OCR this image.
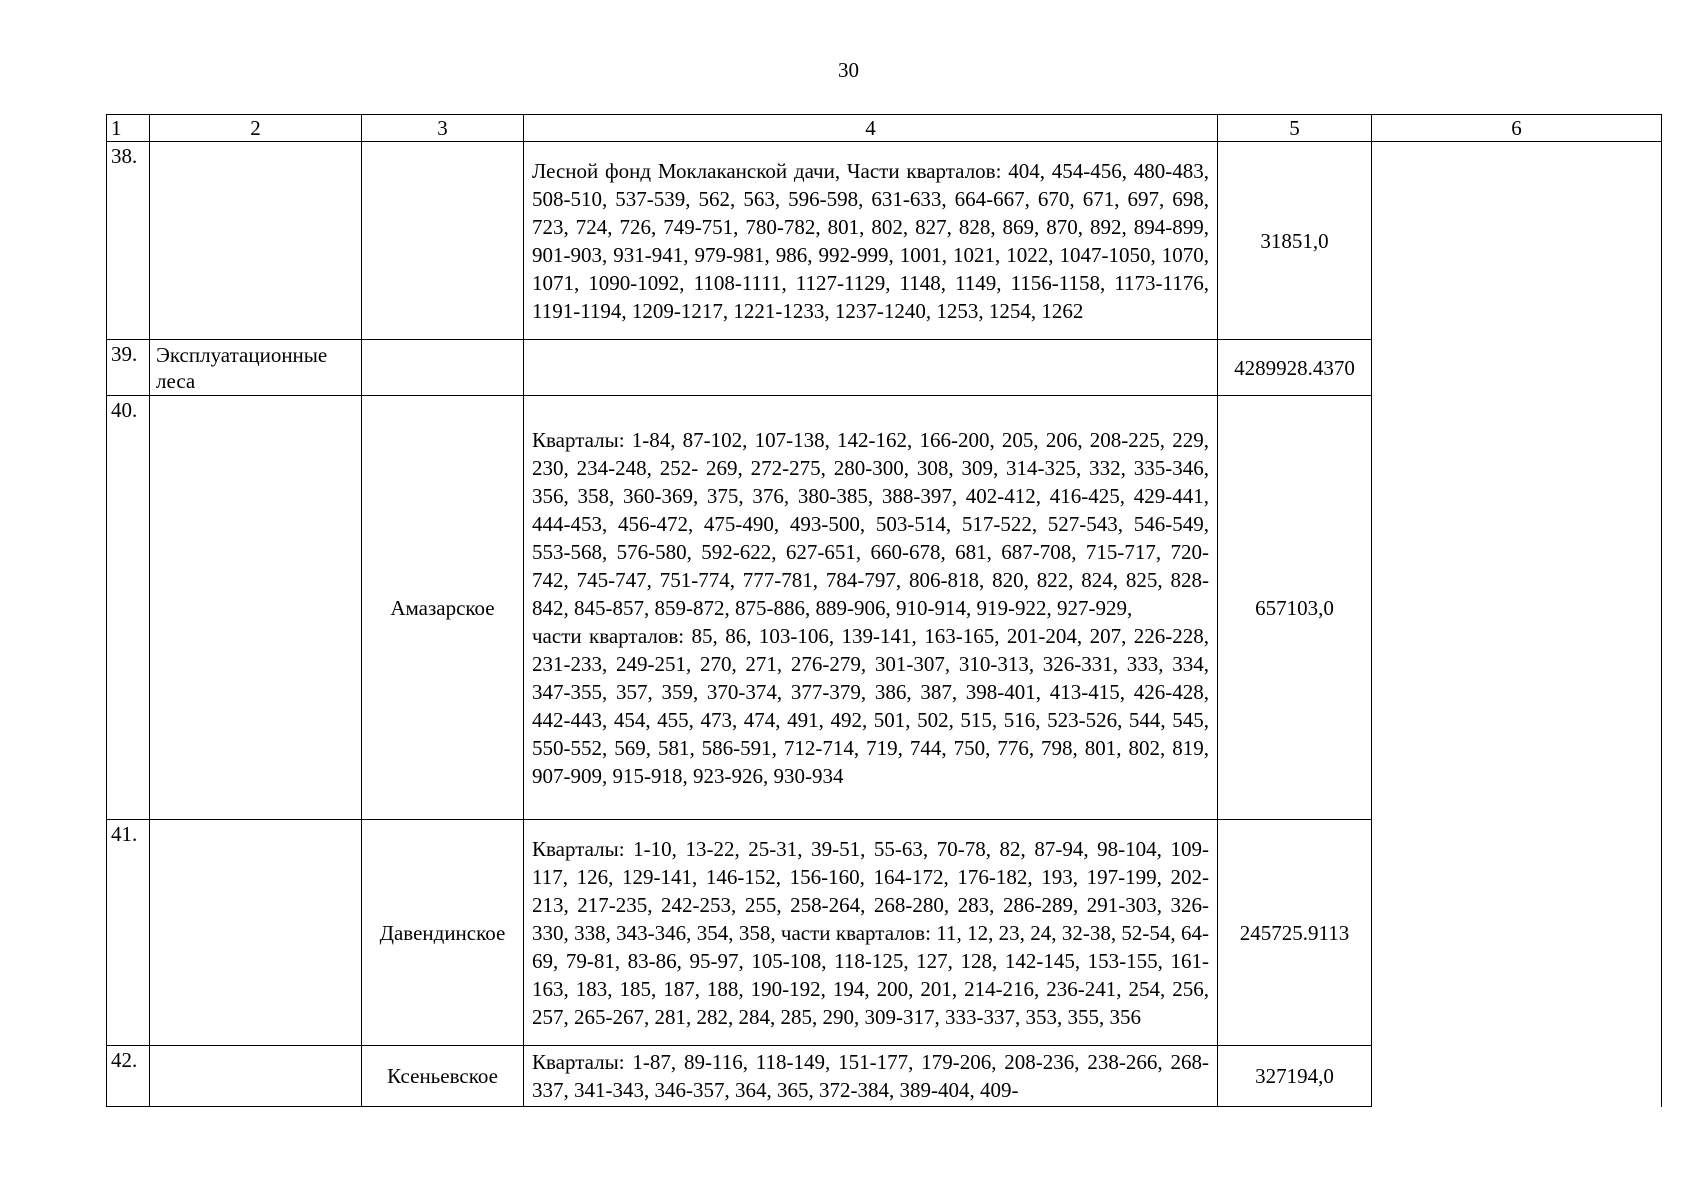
30
1	2	3	4	5	6
38.			Лесной фонд Моклаканской дачи, Части кварталов: 404, 454-456, 480-483, 508-510, 537-539, 562, 563, 596-598, 631-633, 664-667, 670, 671, 697, 698, 723, 724, 726, 749-751, 780-782, 801, 802, 827, 828, 869, 870, 892, 894-899, 901-903, 931-941, 979-981, 986, 992-999, 1001, 1021, 1022, 1047-1050, 1070, 1071, 1090-1092, 1108-1111, 1127-1129, 1148, 1149, 1156-1158, 1173-1176, 1191-1194, 1209-1217, 1221-1233, 1237-1240, 1253, 1254, 1262	31851,0	
39.	Эксплуатационные леса			4289928.4370	
40.		Амазарское	Кварталы: 1-84, 87-102, 107-138, 142-162, 166-200, 205, 206, 208-225, 229, 230, 234-248, 252- 269, 272-275, 280-300, 308, 309, 314-325, 332, 335-346, 356, 358, 360-369, 375, 376, 380-385, 388-397, 402-412, 416-425, 429-441, 444-453, 456-472, 475-490, 493-500, 503-514, 517-522, 527-543, 546-549, 553-568, 576-580, 592-622, 627-651, 660-678, 681, 687-708, 715-717, 720-742, 745-747, 751-774, 777-781, 784-797, 806-818, 820, 822, 824, 825, 828-842, 845-857, 859-872, 875-886, 889-906, 910-914, 919-922, 927-929,
части кварталов: 85, 86, 103-106, 139-141, 163-165, 201-204, 207, 226-228, 231-233, 249-251, 270, 271, 276-279, 301-307, 310-313, 326-331, 333, 334, 347-355, 357, 359, 370-374, 377-379, 386, 387, 398-401, 413-415, 426-428, 442-443, 454, 455, 473, 474, 491, 492, 501, 502, 515, 516, 523-526, 544, 545, 550-552, 569, 581, 586-591, 712-714, 719, 744, 750, 776, 798, 801, 802, 819, 907-909, 915-918, 923-926, 930-934	657103,0	
41.		Давендинское	Кварталы: 1-10, 13-22, 25-31, 39-51, 55-63, 70-78, 82, 87-94, 98-104, 109-117, 126, 129-141, 146-152, 156-160, 164-172, 176-182, 193, 197-199, 202-213, 217-235, 242-253, 255, 258-264, 268-280, 283, 286-289, 291-303, 326-330, 338, 343-346, 354, 358, части кварталов: 11, 12, 23, 24, 32-38, 52-54, 64-69, 79-81, 83-86, 95-97, 105-108, 118-125, 127, 128, 142-145, 153-155, 161-163, 183, 185, 187, 188, 190-192, 194, 200, 201, 214-216, 236-241, 254, 256, 257, 265-267, 281, 282, 284, 285, 290, 309-317, 333-337, 353, 355, 356	245725.9113	
42.		Ксеньевское	Кварталы: 1-87, 89-116, 118-149, 151-177, 179-206, 208-236, 238-266, 268-337, 341-343, 346-357, 364, 365, 372-384, 389-404, 409-	327194,0	
